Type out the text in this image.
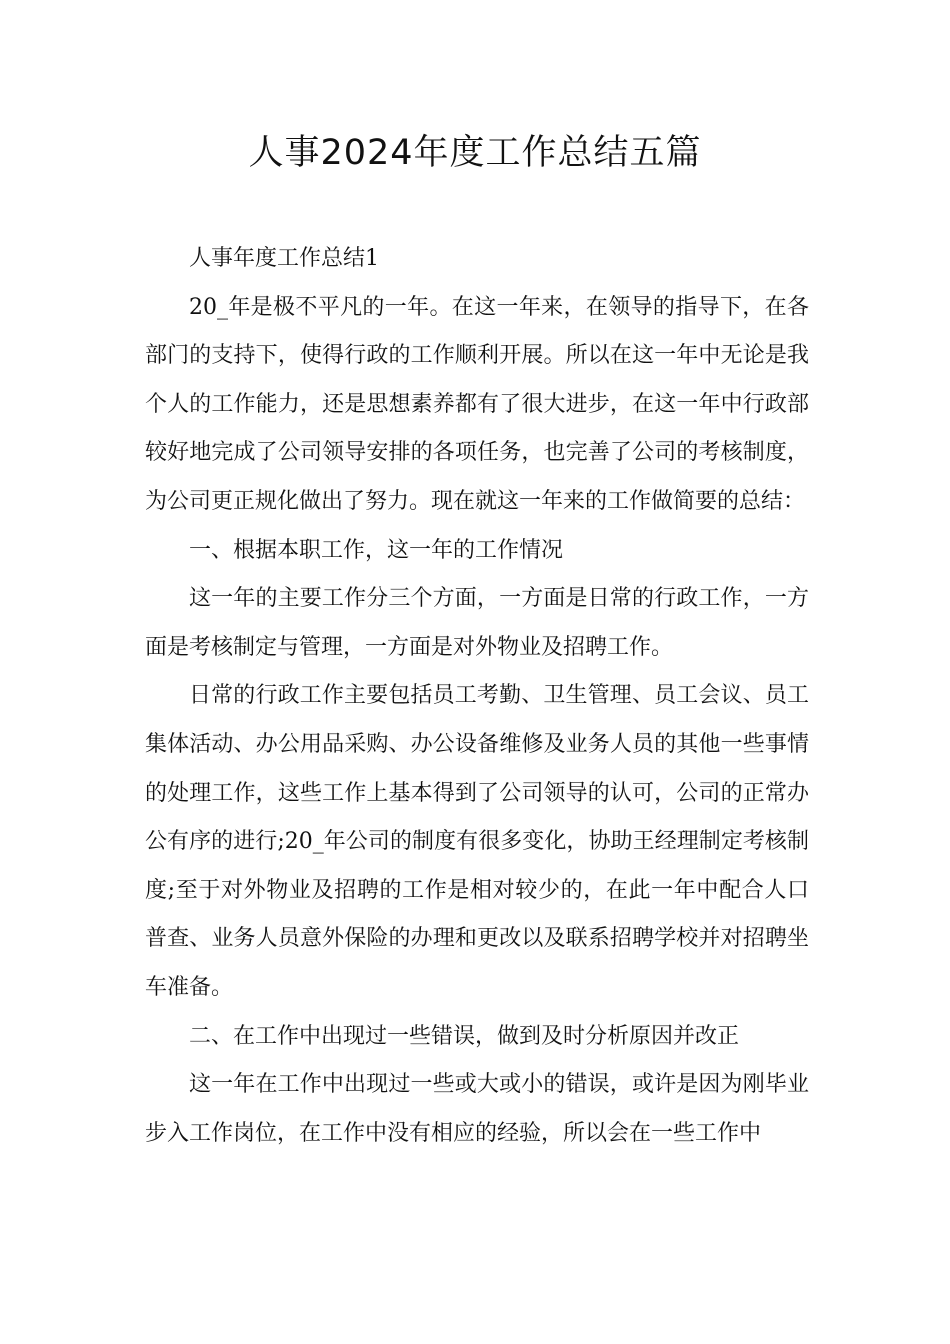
人事2024年度工作总结五篇

人事年度工作总结1

20_年是极不平凡的一年。在这一年来，在领导的指导下，在各部门的支持下，使得行政的工作顺利开展。所以在这一年中无论是我个人的工作能力，还是思想素养都有了很大进步，在这一年中行政部较好地完成了公司领导安排的各项任务，也完善了公司的考核制度，为公司更正规化做出了努力。现在就这一年来的工作做简要的总结：

一、根据本职工作，这一年的工作情况

这一年的主要工作分三个方面，一方面是日常的行政工作，一方面是考核制定与管理，一方面是对外物业及招聘工作。

日常的行政工作主要包括员工考勤、卫生管理、员工会议、员工集体活动、办公用品采购、办公设备维修及业务人员的其他一些事情的处理工作，这些工作上基本得到了公司领导的认可，公司的正常办公有序的进行;20_年公司的制度有很多变化，协助王经理制定考核制度;至于对外物业及招聘的工作是相对较少的，在此一年中配合人口普查、业务人员意外保险的办理和更改以及联系招聘学校并对招聘坐车准备。

二、在工作中出现过一些错误，做到及时分析原因并改正

这一年在工作中出现过一些或大或小的错误，或许是因为刚毕业步入工作岗位，在工作中没有相应的经验，所以会在一些工作中
